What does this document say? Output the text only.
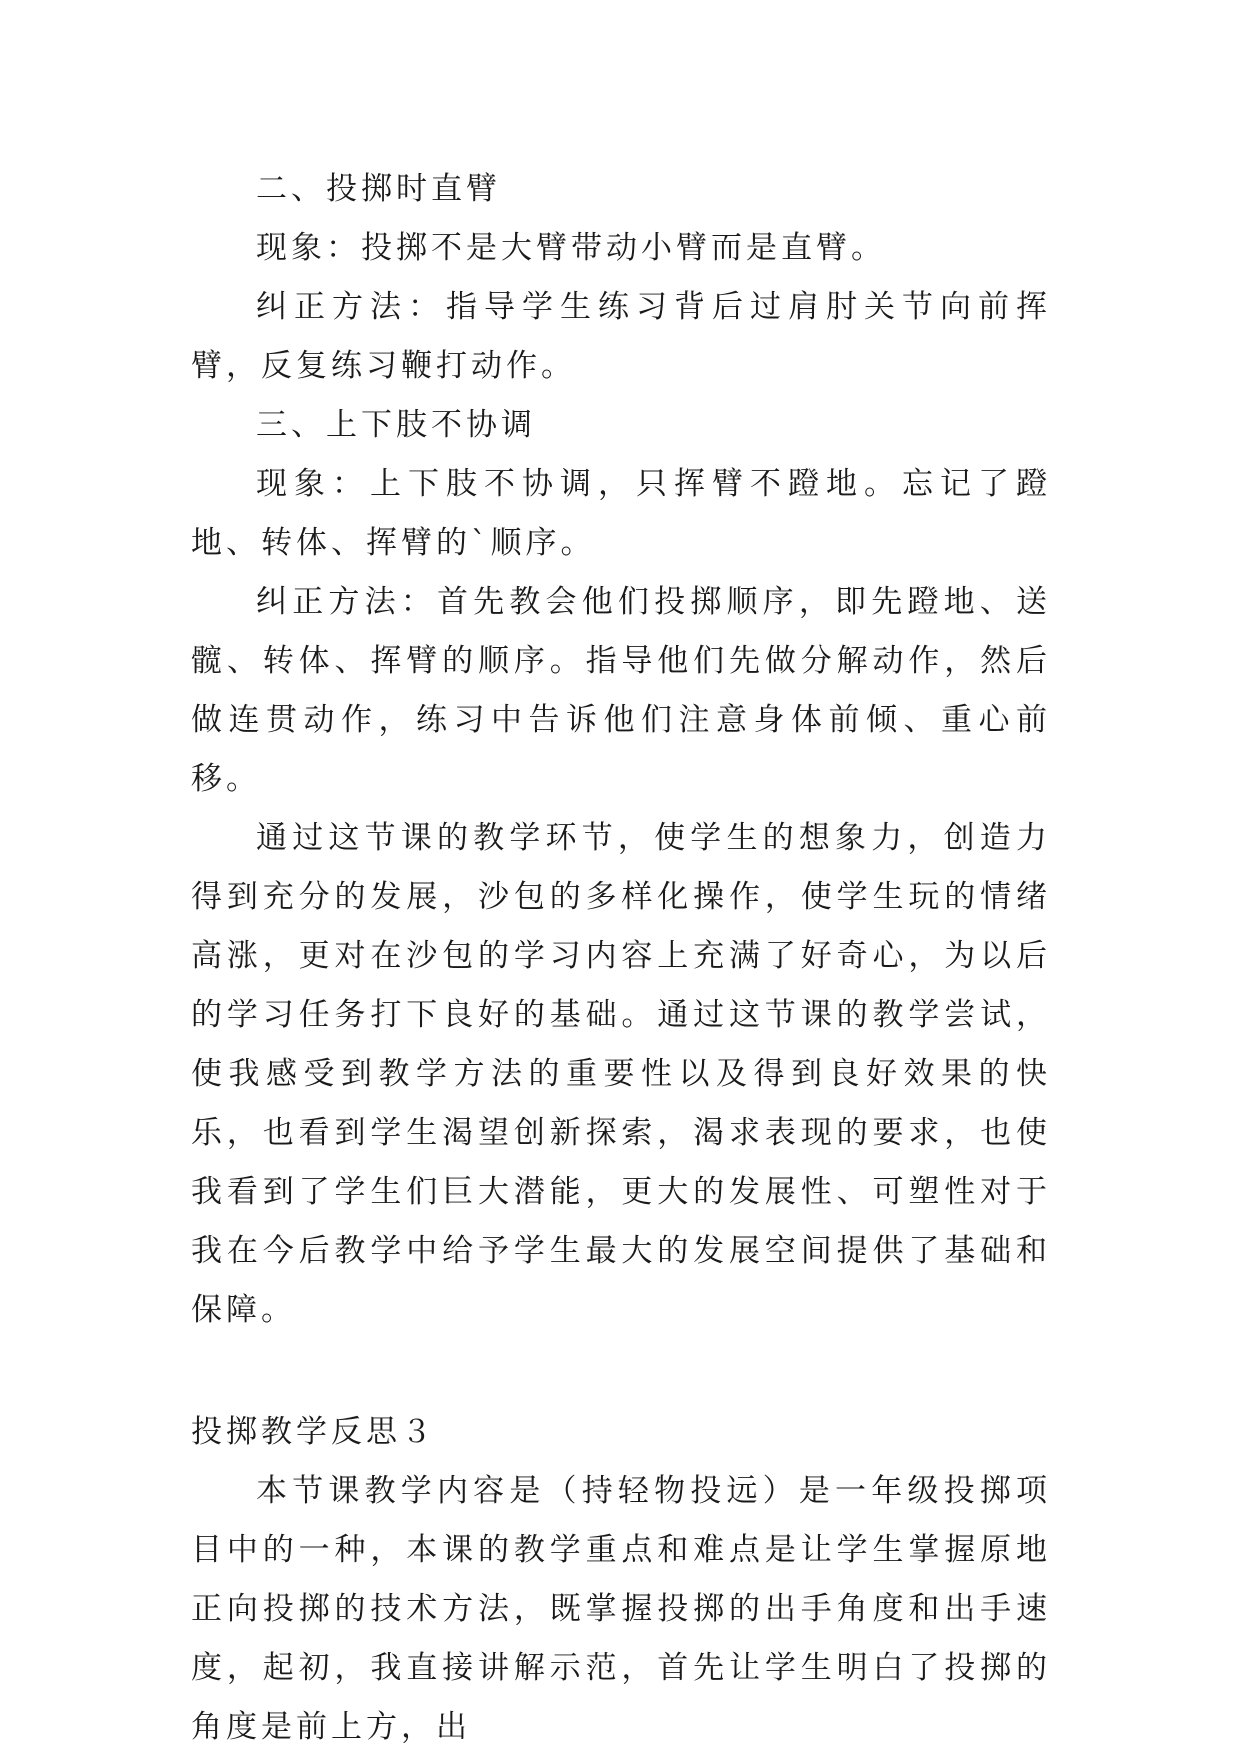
二、投掷时直臂

现象：投掷不是大臂带动小臂而是直臂。

纠正方法：指导学生练习背后过肩肘关节向前挥臂，反复练习鞭打动作。

三、上下肢不协调

现象：上下肢不协调，只挥臂不蹬地。忘记了蹬地、转体、挥臂的`顺序。

纠正方法：首先教会他们投掷顺序，即先蹬地、送髋、转体、挥臂的顺序。指导他们先做分解动作，然后做连贯动作，练习中告诉他们注意身体前倾、重心前移。

通过这节课的教学环节，使学生的想象力，创造力得到充分的发展，沙包的多样化操作，使学生玩的情绪高涨，更对在沙包的学习内容上充满了好奇心，为以后的学习任务打下良好的基础。通过这节课的教学尝试，使我感受到教学方法的重要性以及得到良好效果的快乐，也看到学生渴望创新探索，渴求表现的要求，也使我看到了学生们巨大潜能，更大的发展性、可塑性对于我在今后教学中给予学生最大的发展空间提供了基础和保障。

投掷教学反思３

本节课教学内容是（持轻物投远）是一年级投掷项目中的一种，本课的教学重点和难点是让学生掌握原地正向投掷的技术方法，既掌握投掷的出手角度和出手速度，起初，我直接讲解示范，首先让学生明白了投掷的角度是前上方，出
